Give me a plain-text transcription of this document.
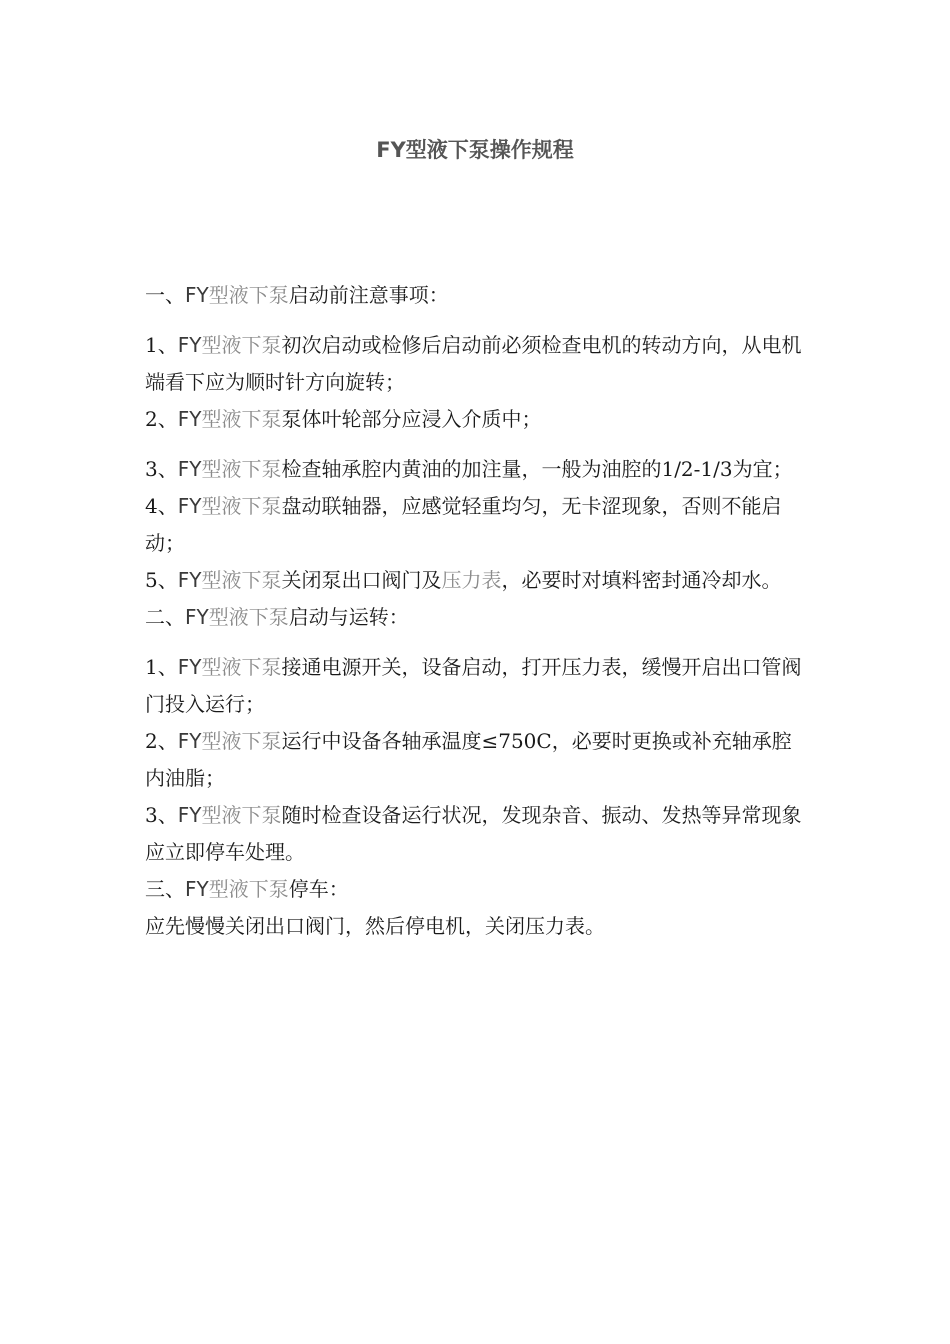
FY型液下泵操作规程

一、FY型液下泵启动前注意事项：

1、FY型液下泵初次启动或检修后启动前必须检查电机的转动方向，从电机端看下应为顺时针方向旋转；

2、FY型液下泵泵体叶轮部分应浸入介质中；

3、FY型液下泵检查轴承腔内黄油的加注量，一般为油腔的1/2-1/3为宜；

4、FY型液下泵盘动联轴器，应感觉轻重均匀，无卡涩现象，否则不能启动；

5、FY型液下泵关闭泵出口阀门及压力表，必要时对填料密封通冷却水。

二、FY型液下泵启动与运转：

1、FY型液下泵接通电源开关，设备启动，打开压力表，缓慢开启出口管阀门投入运行；

2、FY型液下泵运行中设备各轴承温度≤750C，必要时更换或补充轴承腔内油脂；

3、FY型液下泵随时检查设备运行状况，发现杂音、振动、发热等异常现象应立即停车处理。

三、FY型液下泵停车：

应先慢慢关闭出口阀门，然后停电机，关闭压力表。
